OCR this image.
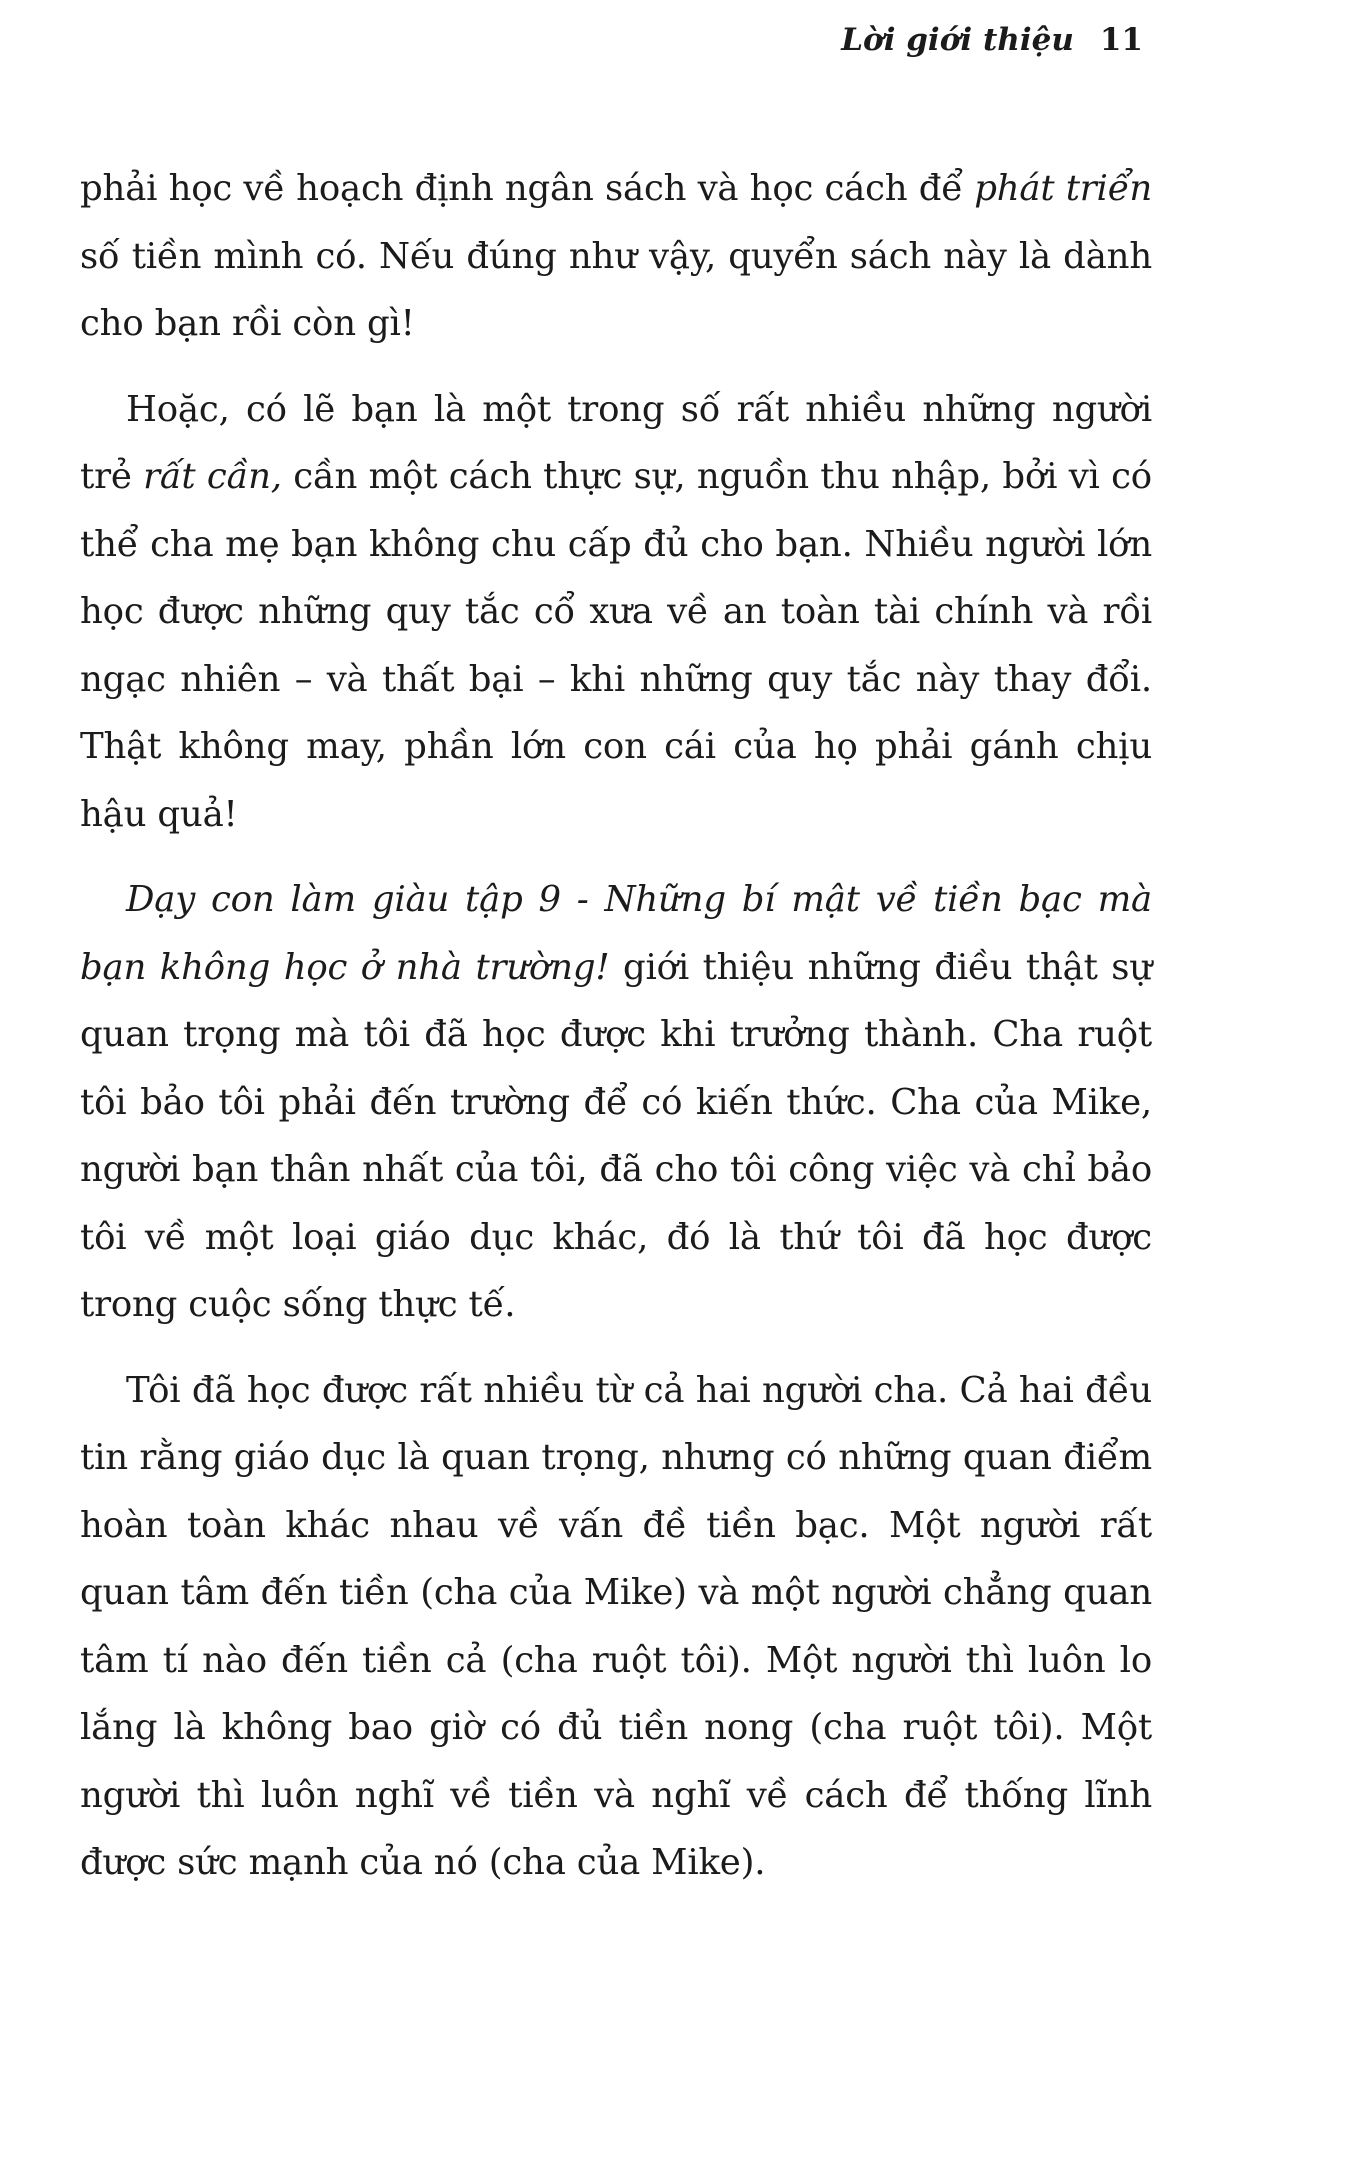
Lời giới thiệu 11

phải học về hoạch định ngân sách và học cách để phát triển số tiền mình có. Nếu đúng như vậy, quyển sách này là dành cho bạn rồi còn gì!

Hoặc, có lẽ bạn là một trong số rất nhiều những người trẻ rất cần, cần một cách thực sự, nguồn thu nhập, bởi vì có thể cha mẹ bạn không chu cấp đủ cho bạn. Nhiều người lớn học được những quy tắc cổ xưa về an toàn tài chính và rồi ngạc nhiên – và thất bại – khi những quy tắc này thay đổi. Thật không may, phần lớn con cái của họ phải gánh chịu hậu quả!

Dạy con làm giàu tập 9 - Những bí mật về tiền bạc mà bạn không học ở nhà trường! giới thiệu những điều thật sự quan trọng mà tôi đã học được khi trưởng thành. Cha ruột tôi bảo tôi phải đến trường để có kiến thức. Cha của Mike, người bạn thân nhất của tôi, đã cho tôi công việc và chỉ bảo tôi về một loại giáo dục khác, đó là thứ tôi đã học được trong cuộc sống thực tế.

Tôi đã học được rất nhiều từ cả hai người cha. Cả hai đều tin rằng giáo dục là quan trọng, nhưng có những quan điểm hoàn toàn khác nhau về vấn đề tiền bạc. Một người rất quan tâm đến tiền (cha của Mike) và một người chẳng quan tâm tí nào đến tiền cả (cha ruột tôi). Một người thì luôn lo lắng là không bao giờ có đủ tiền nong (cha ruột tôi). Một người thì luôn nghĩ về tiền và nghĩ về cách để thống lĩnh được sức mạnh của nó (cha của Mike).
